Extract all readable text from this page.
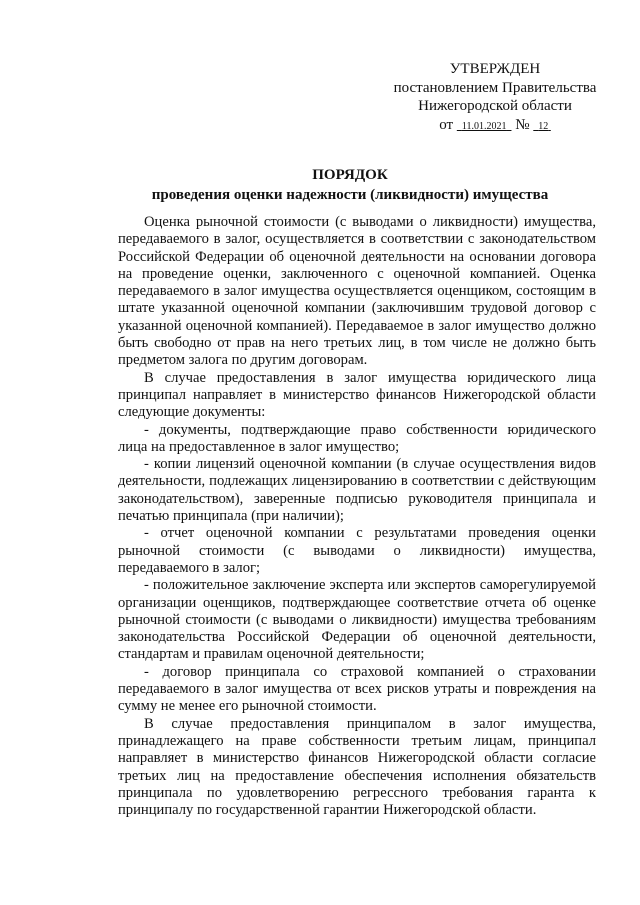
УТВЕРЖДЕН
постановлением Правительства
Нижегородской области
от 11.01.2021 № 12
ПОРЯДОК
проведения оценки надежности (ликвидности) имущества

Оценка рыночной стоимости (с выводами о ликвидности) имущества, передаваемого в залог, осуществляется в соответствии с законодательством Российской Федерации об оценочной деятельности на основании договора на проведение оценки, заключенного с оценочной компанией. Оценка передаваемого в залог имущества осуществляется оценщиком, состоящим в штате указанной оценочной компании (заключившим трудовой договор с указанной оценочной компанией). Передаваемое в залог имущество должно быть свободно от прав на него третьих лиц, в том числе не должно быть предметом залога по другим договорам.

В случае предоставления в залог имущества юридического лица принципал направляет в министерство финансов Нижегородской области следующие документы:

- документы, подтверждающие право собственности юридического лица на предоставленное в залог имущество;

- копии лицензий оценочной компании (в случае осуществления видов деятельности, подлежащих лицензированию в соответствии с действующим законодательством), заверенные подписью руководителя принципала и печатью принципала (при наличии);

- отчет оценочной компании с результатами проведения оценки рыночной стоимости (с выводами о ликвидности) имущества, передаваемого в залог;

- положительное заключение эксперта или экспертов саморегулируемой организации оценщиков, подтверждающее соответствие отчета об оценке рыночной стоимости (с выводами о ликвидности) имущества требованиям законодательства Российской Федерации об оценочной деятельности, стандартам и правилам оценочной деятельности;

- договор принципала со страховой компанией о страховании передаваемого в залог имущества от всех рисков утраты и повреждения на сумму не менее его рыночной стоимости.

В случае предоставления принципалом в залог имущества, принадлежащего на праве собственности третьим лицам, принципал направляет в министерство финансов Нижегородской области согласие третьих лиц на предоставление обеспечения исполнения обязательств принципала по удовлетворению регрессного требования гаранта к принципалу по государственной гарантии Нижегородской области.
